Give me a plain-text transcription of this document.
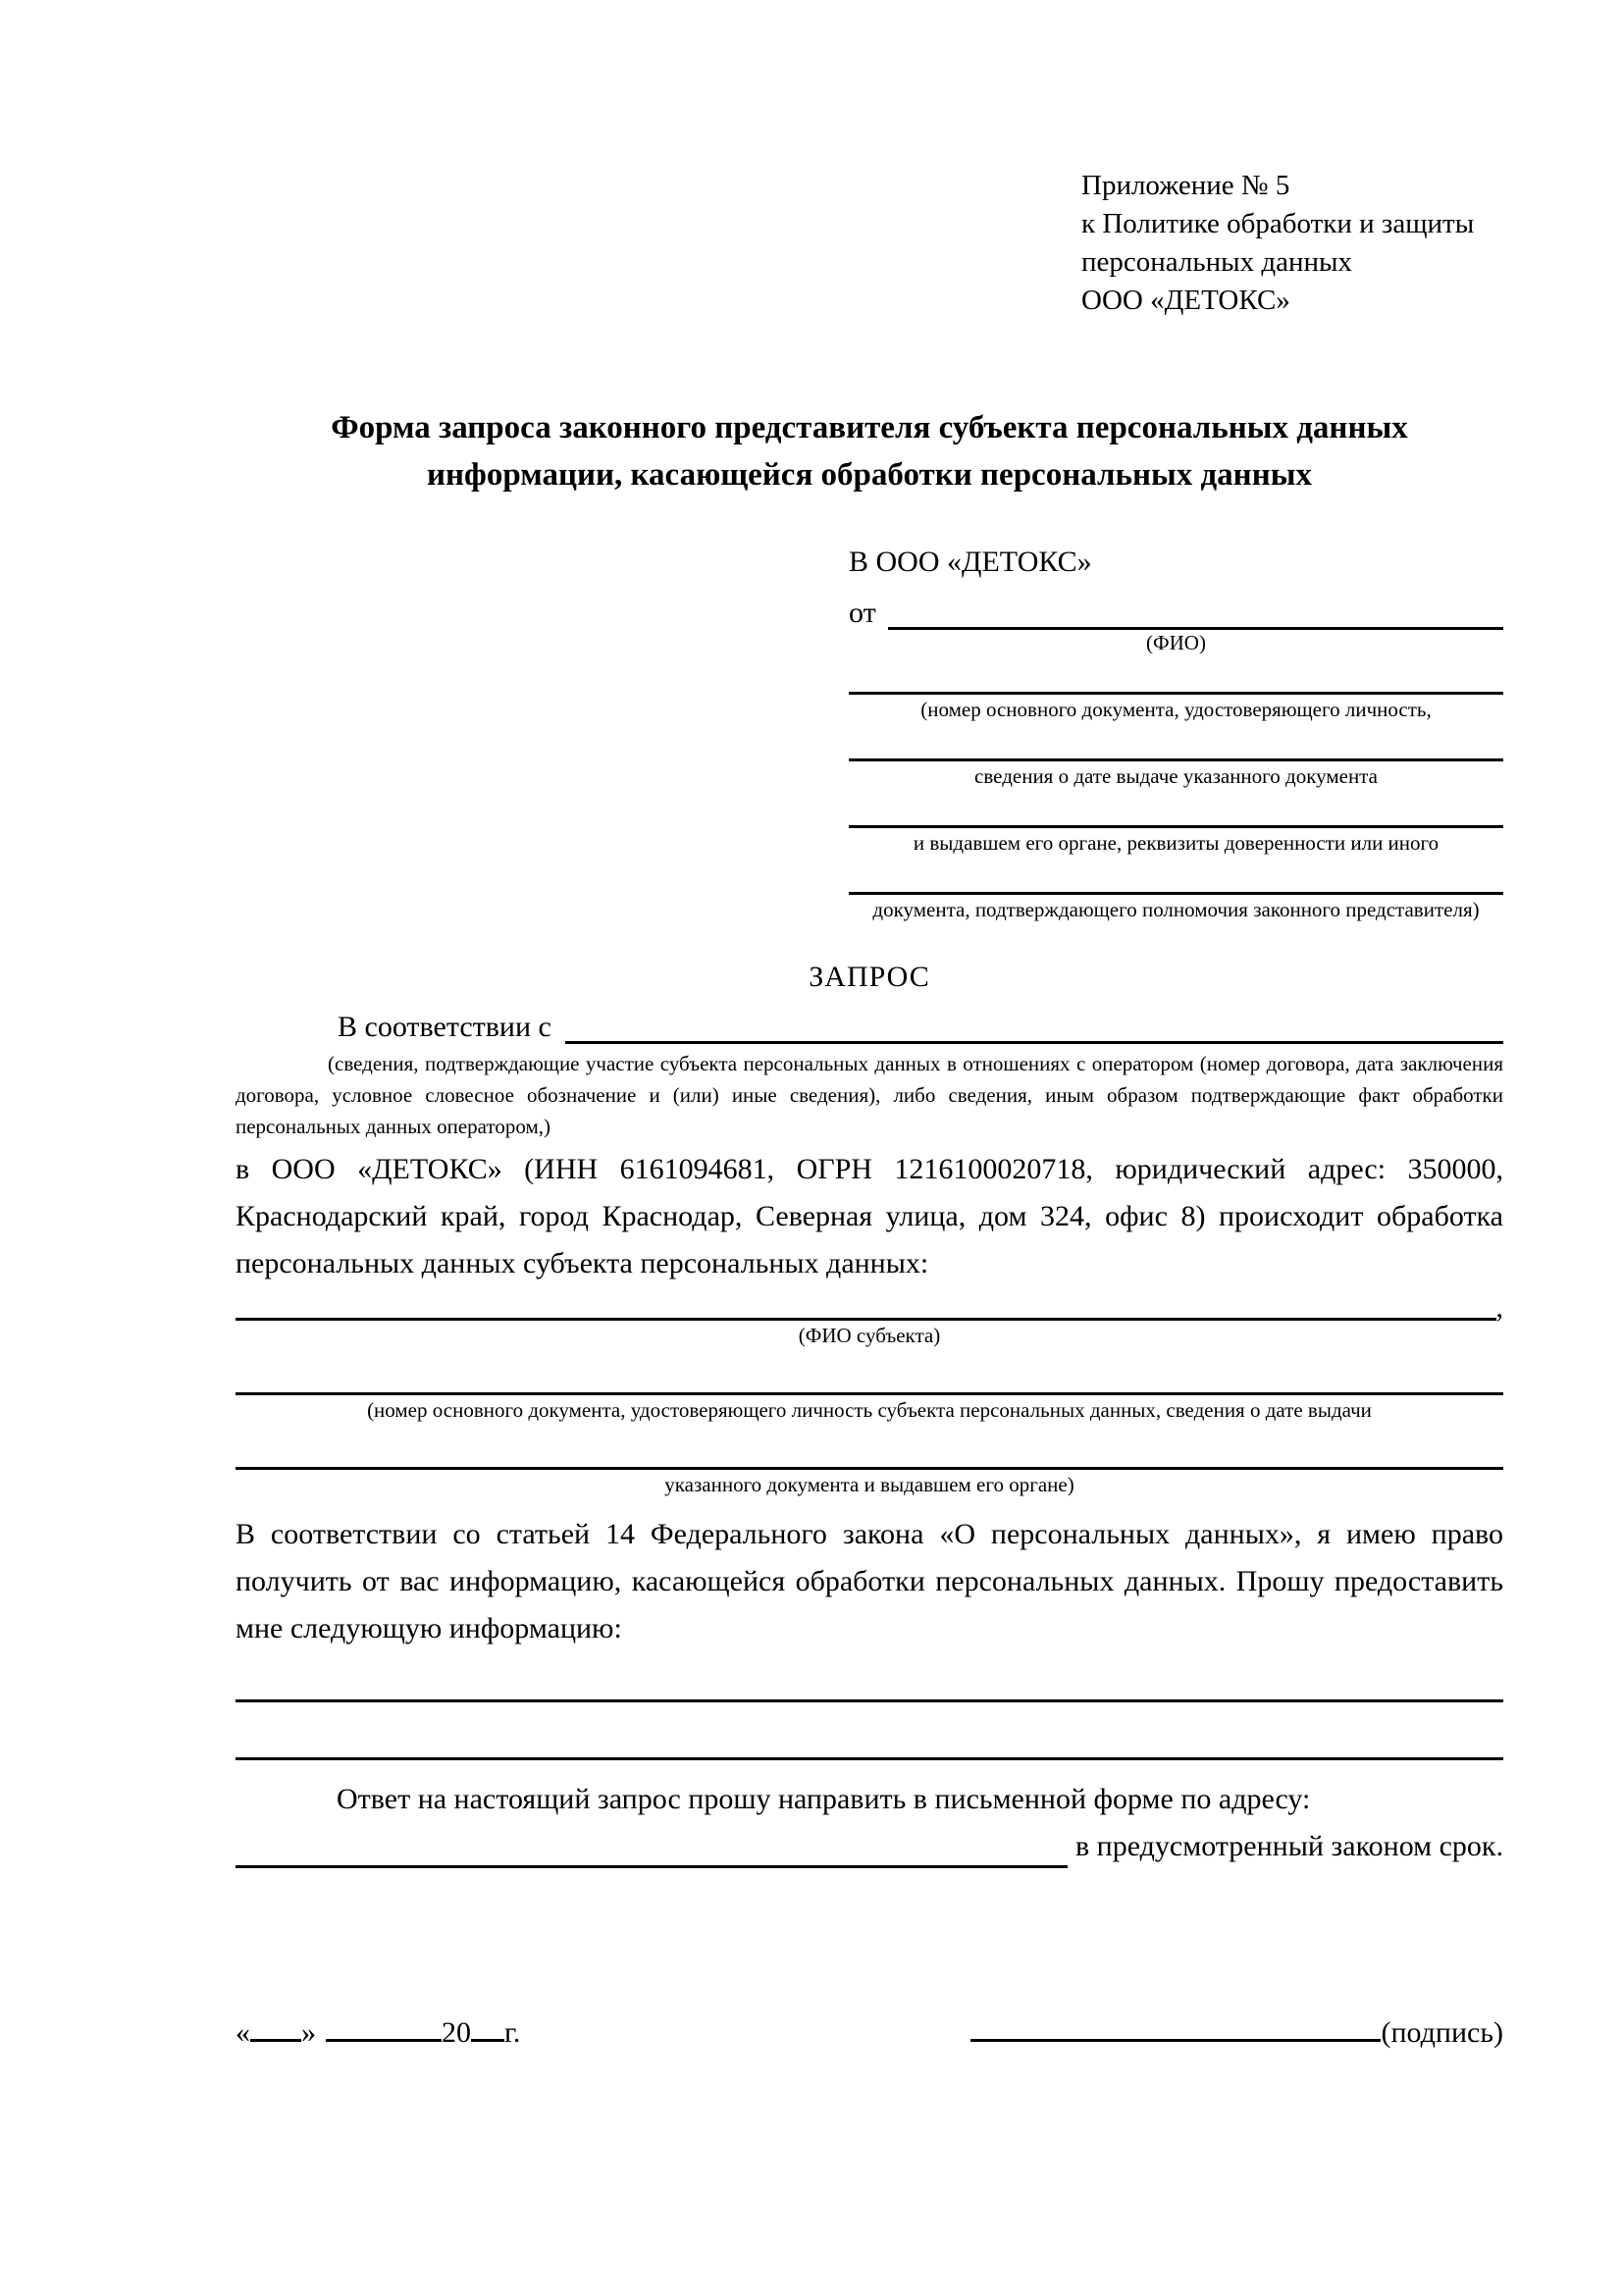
Приложение № 5
к Политике обработки и защиты
персональных данных
ООО «ДЕТОКС»
Форма запроса законного представителя субъекта персональных данных
информации, касающейся обработки персональных данных
В ООО «ДЕТОКС»
от
(ФИО)
(номер основного документа, удостоверяющего личность,
сведения о дате выдаче указанного документа
и выдавшем его органе, реквизиты доверенности или иного
документа, подтверждающего полномочия законного представителя)
ЗАПРОС
В соответствии с
(сведения, подтверждающие участие субъекта персональных данных в отношениях с оператором (номер договора, дата заключения договора, условное словесное обозначение и (или) иные сведения), либо сведения, иным образом подтверждающие факт обработки персональных данных оператором,)
в ООО «ДЕТОКС» (ИНН 6161094681, ОГРН 1216100020718, юридический адрес: 350000, Краснодарский край, город Краснодар, Северная улица, дом 324, офис 8) происходит обработка персональных данных субъекта персональных данных:
,
(ФИО субъекта)
(номер основного документа, удостоверяющего личность субъекта персональных данных, сведения о дате выдачи
указанного документа и выдавшем его органе)
В соответствии со статьей 14 Федерального закона «О персональных данных», я имею право получить от вас информацию, касающейся обработки персональных данных. Прошу предоставить мне следующую информацию:
Ответ на настоящий запрос прошу направить в письменной форме по адресу:
в предусмотренный законом срок.
« »	20 г.	(подпись)
